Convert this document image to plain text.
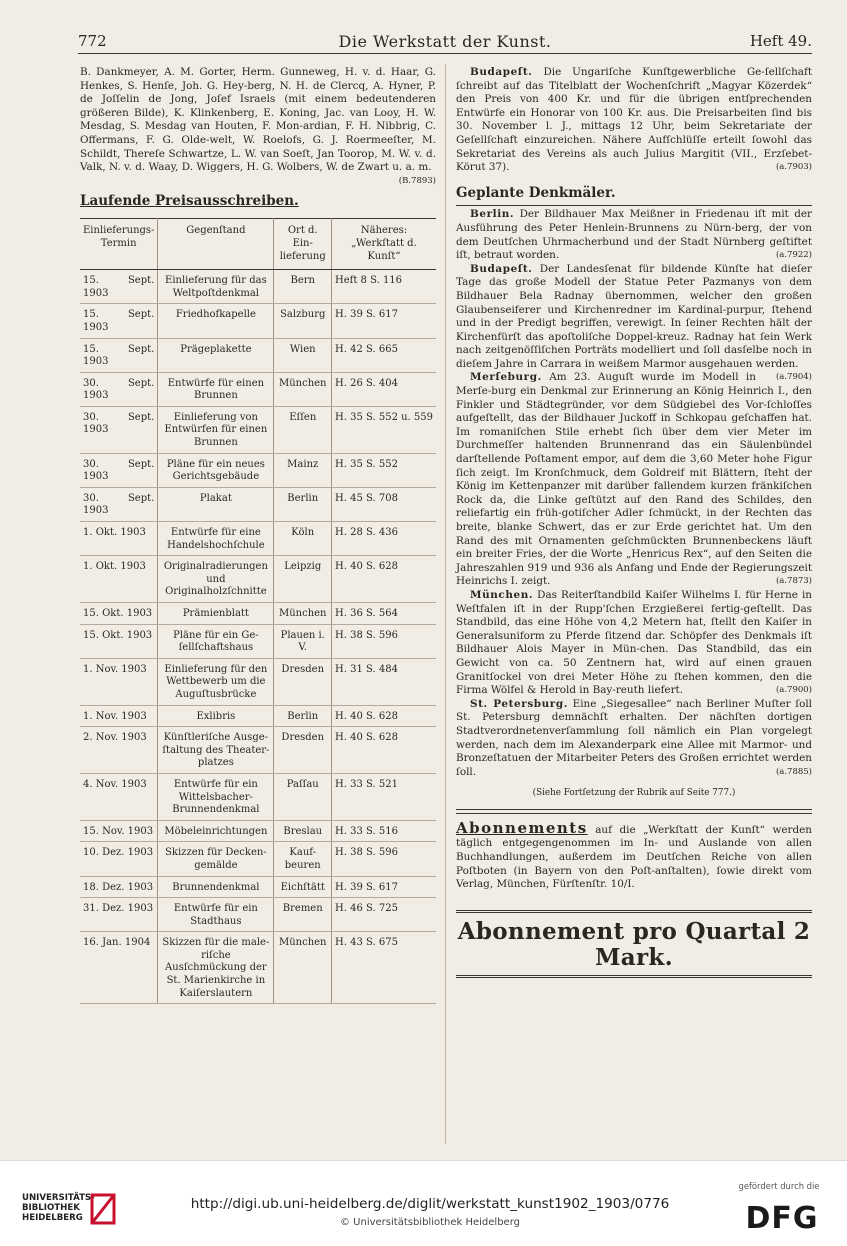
772	Die Werkstatt der Kunst.	Heft 49.

B. Dankmeyer, A. M. Gorter, Herm. Gunneweg, H. v. d. Haar, G. Henkes, S. Henſe, Joh. G. Hey-berg, N. H. de Clercq, A. Hyner, P. de Joſſelin de Jong, Joſef Israels (mit einem bedeutenderen größeren Bilde), K. Klinkenberg, E. Koning, Jac. van Looy, H. W. Mesdag, S. Mesdag van Houten, F. Mon-ardian, F. H. Nibbrig, C. Offermans, F. G. Olde-welt, W. Roelofs, G. J. Roermeeſter, M. Schildt, Thereſe Schwartze, L. W. van Soeſt, Jan Toorop, M. W. v. d. Valk, N. v. d. Waay, D. Wiggers, H. G. Wolbers, W. de Zwart u. a. m.
(B.7893)

Laufende Preisausschreiben.
Einlieferungs-Termin	Gegenſtand	Ort d. Ein-lieferung	Näheres: „Werkſtatt d. Kunſt“
15. Sept. 1903	Einlieferung für das Weltpoſtdenkmal	Bern	Heft 8 S. 116
15. Sept. 1903	Friedhofkapelle	Salzburg	H. 39 S. 617
15. Sept. 1903	Prägeplakette	Wien	H. 42 S. 665
30. Sept. 1903	Entwürfe für einen Brunnen	München	H. 26 S. 404
30. Sept. 1903	Einlieferung von Entwürfen für einen Brunnen	Eſſen	H. 35 S. 552 u. 559
30. Sept. 1903	Pläne für ein neues Gerichtsgebäude	Mainz	H. 35 S. 552
30. Sept. 1903	Plakat	Berlin	H. 45 S. 708
1. Okt. 1903	Entwürfe für eine Handelshochſchule	Köln	H. 28 S. 436
1. Okt. 1903	Originalradierungen und Originalholzſchnitte	Leipzig	H. 40 S. 628
15. Okt. 1903	Prämienblatt	München	H. 36 S. 564
15. Okt. 1903	Pläne für ein Ge-ſellſchaftshaus	Plauen i. V.	H. 38 S. 596
1. Nov. 1903	Einlieferung für den Wettbewerb um die Auguſtusbrücke	Dresden	H. 31 S. 484
1. Nov. 1903	Exlibris	Berlin	H. 40 S. 628
2. Nov. 1903	Künſtleriſche Ausge-ſtaltung des Theater-platzes	Dresden	H. 40 S. 628
4. Nov. 1903	Entwürfe für ein Wittelsbacher-Brunnendenkmal	Paſſau	H. 33 S. 521
15. Nov. 1903	Möbeleinrichtungen	Breslau	H. 33 S. 516
10. Dez. 1903	Skizzen für Decken-gemälde	Kauf-beuren	H. 38 S. 596
18. Dez. 1903	Brunnendenkmal	Eichſtätt	H. 39 S. 617
31. Dez. 1903	Entwürfe für ein Stadthaus	Bremen	H. 46 S. 725
16. Jan. 1904	Skizzen für die male-riſche Ausſchmückung der St. Marienkirche in Kaiſerslautern	München	H. 43 S. 675

Budapeſt. Die Ungariſche Kunſtgewerbliche Ge-ſellſchaft ſchreibt auf das Titelblatt der Wochenſchrift „Magyar Közerdek“ den Preis von 400 Kr. und für die übrigen entſprechenden Entwürfe ein Honorar von 100 Kr. aus. Die Preisarbeiten ſind bis 30. November l. J., mittags 12 Uhr, beim Sekretariate der Geſellſchaft einzureichen. Nähere Aufſchlüſſe erteilt ſowohl das Sekretariat des Vereins als auch Julius Margitit (VII., Erzſebet-Körut 37).	(a.7903)

Geplante Denkmäler.

Berlin. Der Bildhauer Max Meißner in Friedenau iſt mit der Ausführung des Peter Henlein-Brunnens zu Nürn-berg, der von dem Deutſchen Uhrmacherbund und der Stadt Nürnberg geſtiftet iſt, betraut worden.	(a.7922)

Budapeſt. Der Landesſenat für bildende Künſte hat dieſer Tage das große Modell der Statue Peter Pazmanys von dem Bildhauer Bela Radnay übernommen, welcher den großen Glaubenseiferer und Kirchenredner im Kardinal-purpur, ſtehend und in der Predigt begriffen, verewigt. In ſeiner Rechten hält der Kirchenfürſt das apoſtoliſche Doppel-kreuz. Radnay hat ſein Werk nach zeitgenöſſiſchen Porträts modelliert und ſoll dasſelbe noch in dieſem Jahre in Carrara in weißem Marmor ausgehauen werden.
(a.7904)

Merſeburg. Am 23. Auguſt wurde im Modell in Merſe-burg ein Denkmal zur Erinnerung an König Heinrich I., den Finkler und Städtegründer, vor dem Südgiebel des Vor-ſchloſſes aufgeſtellt, das der Bildhauer Juckoff in Schkopau geſchaffen hat. Im romaniſchen Stile erhebt ſich über dem vier Meter im Durchmeſſer haltenden Brunnenrand das ein Säulenbündel darſtellende Poſtament empor, auf dem die 3,60 Meter hohe Figur ſich zeigt. Im Kronſchmuck, dem Goldreif mit Blättern, ſteht der König im Kettenpanzer mit darüber fallendem kurzen fränkiſchen Rock da, die Linke geſtützt auf den Rand des Schildes, den reliefartig ein früh-gotiſcher Adler ſchmückt, in der Rechten das breite, blanke Schwert, das er zur Erde gerichtet hat. Um den Rand des mit Ornamenten geſchmückten Brunnenbeckens läuft ein breiter Fries, der die Worte „Henricus Rex“, auf den Seiten die Jahreszahlen 919 und 936 als Anfang und Ende der Regierungszeit Heinrichs I. zeigt.	(a.7873)

München. Das Reiterſtandbild Kaiſer Wilhelms I. für Herne in Weſtfalen iſt in der Rupp'ſchen Erzgießerei fertig-geſtellt. Das Standbild, das eine Höhe von 4,2 Metern hat, ſtellt den Kaiſer in Generalsuniform zu Pferde ſitzend dar. Schöpfer des Denkmals iſt Bildhauer Alois Mayer in Mün-chen. Das Standbild, das ein Gewicht von ca. 50 Zentnern hat, wird auf einen grauen Granitſockel von drei Meter Höhe zu ſtehen kommen, den die Firma Wölfel & Herold in Bay-reuth liefert.	(a.7900)

St. Petersburg. Eine „Siegesallee“ nach Berliner Muſter ſoll St. Petersburg demnächſt erhalten. Der nächſten dortigen Stadtverordnetenverſammlung ſoll nämlich ein Plan vorgelegt werden, nach dem im Alexanderpark eine Allee mit Marmor- und Bronzeſtatuen der Mitarbeiter Peters des Großen errichtet werden ſoll.	(a.7885)

(Siehe Fortſetzung der Rubrik auf Seite 777.)

Abonnements auf die „Werkſtatt der Kunſt“ werden täglich entgegengenommen im In- und Auslande von allen Buchhandlungen, außerdem im Deutſchen Reiche von allen Poſtboten (in Bayern von den Poſt-anſtalten), ſowie direkt vom Verlag, München, Fürſtenſtr. 10/I.

Abonnement pro Quartal 2 Mark.
UNIVERSITÄTS-BIBLIOTHEK HEIDELBERG
http://digi.ub.uni-heidelberg.de/diglit/werkstatt_kunst1902_1903/0776
© Universitätsbibliothek Heidelberg
gefördert durch die
DFG
